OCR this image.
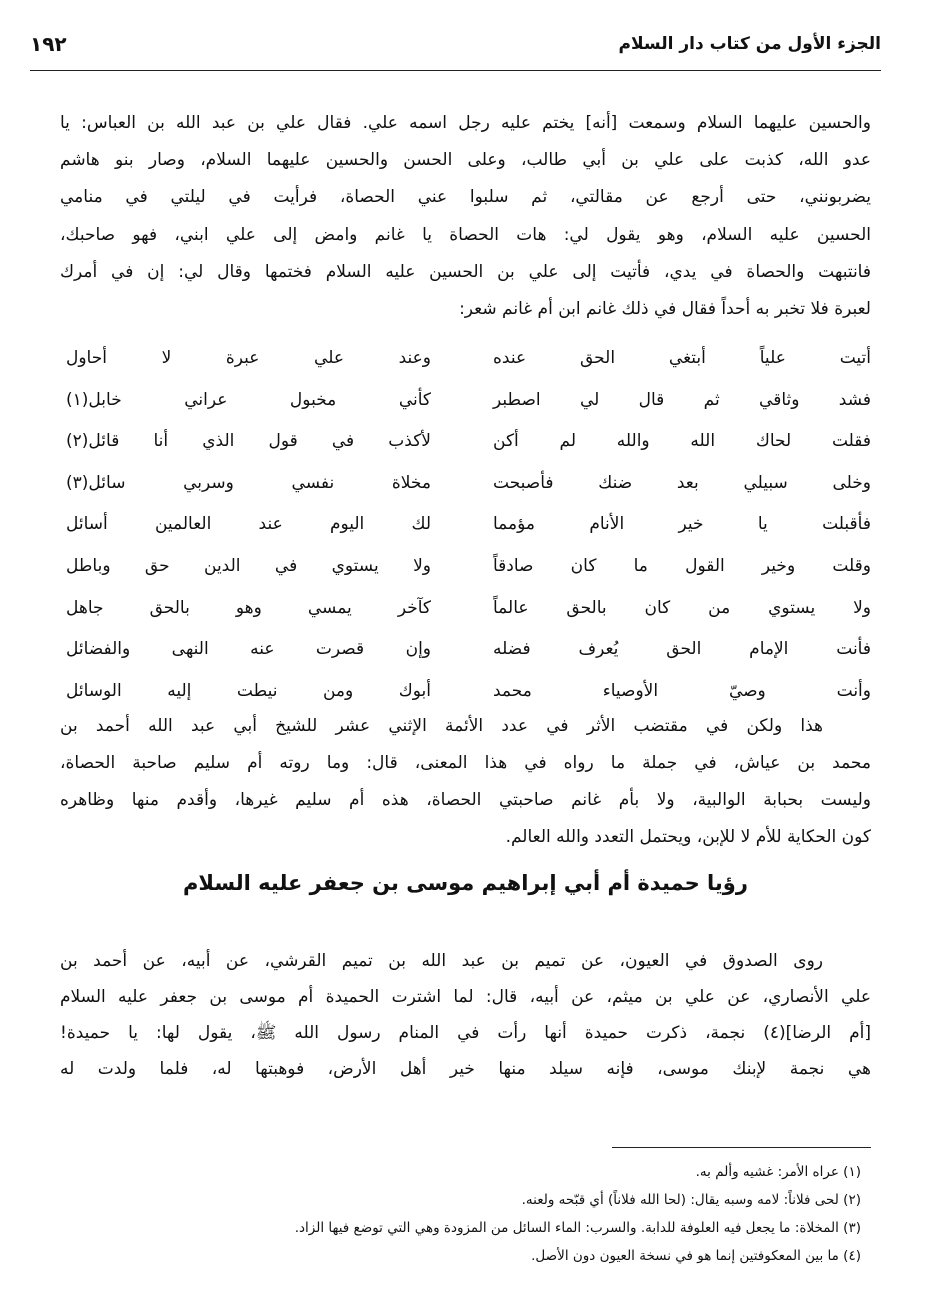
الجزء الأول من كتاب دار السلام
١٩٢
والحسين عليهما السلام وسمعت [أنه] يختم عليه رجل اسمه علي. فقال علي بن عبد الله بن العباس: يا
عدو الله، كذبت على علي بن أبي طالب، وعلى الحسن والحسين عليهما السلام، وصار بنو هاشم
يضربونني، حتى أرجع عن مقالتي، ثم سلبوا عني الحصاة، فرأيت في ليلتي في منامي
الحسين عليه السلام، وهو يقول لي: هات الحصاة يا غانم وامض إلى علي ابني، فهو صاحبك،
فانتبهت والحصاة في يدي، فأتيت إلى علي بن الحسين عليه السلام فختمها وقال لي: إن في أمرك
لعبرة فلا تخبر به أحداً فقال في ذلك غانم ابن أم غانم شعر:
أتيت علياً أبتغي الحق عنده
وعند علي عبرة لا أحاول
فشد وثاقي ثم قال لي اصطبر
كأني مخبول عراني خابل(١)
فقلت لحاك الله والله لم أكن
لأكذب في قول الذي أنا قائل(٢)
وخلى سبيلي بعد ضنك فأصبحت
مخلاة نفسي وسربي سائل(٣)
فأقبلت يا خير الأنام مؤمما
لك اليوم عند العالمين أسائل
وقلت وخير القول ما كان صادقاً
ولا يستوي في الدين حق وباطل
ولا يستوي من كان بالحق عالماً
كآخر يمسي وهو بالحق جاهل
فأنت الإمام الحق يُعرف فضله
وإن قصرت عنه النهى والفضائل
وأنت وصيّ الأوصياء محمد
أبوك ومن نيطت إليه الوسائل
هذا ولكن في مقتضب الأثر في عدد الأئمة الإثني عشر للشيخ أبي عبد الله أحمد بن
محمد بن عياش، في جملة ما رواه في هذا المعنى، قال: وما روته أم سليم صاحبة الحصاة،
وليست بحبابة الوالبية، ولا بأم غانم صاحبتي الحصاة، هذه أم سليم غيرها، وأقدم منها وظاهره
كون الحكاية للأم لا للإبن، ويحتمل التعدد والله العالم.
رؤيا حميدة أم أبي إبراهيم موسى بن جعفر عليه السلام
روى الصدوق في العيون، عن تميم بن عبد الله بن تميم القرشي، عن أبيه، عن أحمد بن
علي الأنصاري، عن علي بن ميثم، عن أبيه، قال: لما اشترت الحميدة أم موسى بن جعفر عليه السلام
[أم الرضا](٤) نجمة، ذكرت حميدة أنها رأت في المنام رسول الله ﷺ، يقول لها: يا حميدة!
هي نجمة لإبنك موسى، فإنه سيلد منها خير أهل الأرض، فوهبتها له، فلما ولدت له
(١) عراه الأمر: غشيه وألم به.
(٢) لحى فلاناً: لامه وسبه يقال: (لحا الله فلاناً) أي قبّحه ولعنه.
(٣) المخلاة: ما يجعل فيه العلوفة للدابة. والسرب: الماء السائل من المزودة وهي التي توضع فيها الزاد.
(٤) ما بين المعكوفتين إنما هو في نسخة العيون دون الأصل.
